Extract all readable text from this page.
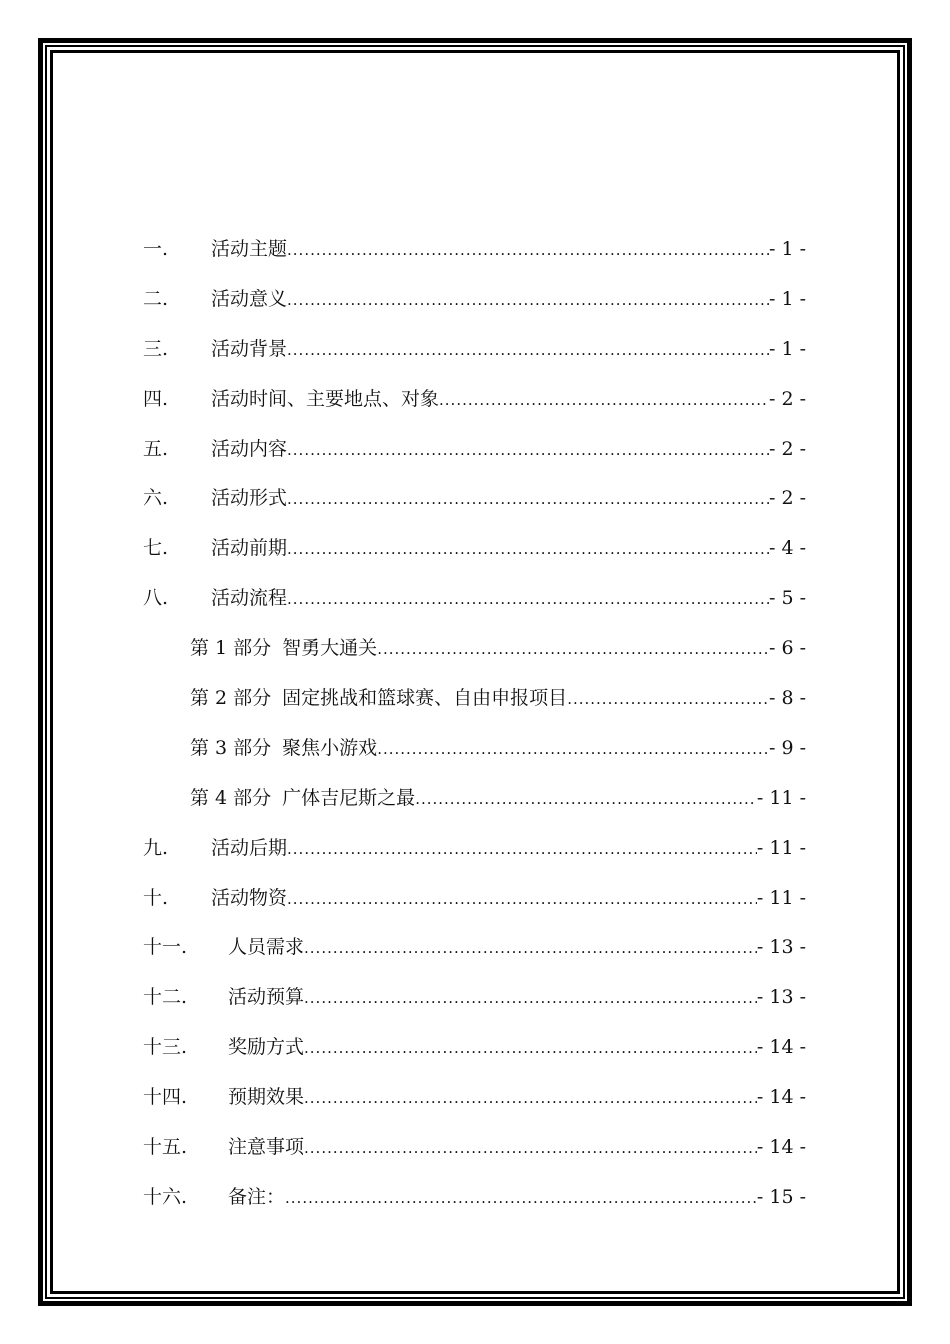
一.	活动主题 .....	- 1 -
二.	活动意义 .....	- 1 -
三.	活动背景 .....	- 1 -
四.	活动时间、主要地点、对象 .....	- 2 -
五.	活动内容 .....	- 2 -
六.	活动形式 .....	- 2 -
七.	活动前期 .....	- 4 -
八.	活动流程 .....	- 5 -
第 1 部分 智勇大通关 .....	- 6 -
第 2 部分 固定挑战和篮球赛、自由申报项目 .....	- 8 -
第 3 部分 聚焦小游戏 .....	- 9 -
第 4 部分 广体吉尼斯之最 .....	- 11 -
九.	活动后期 .....	- 11 -
十.	活动物资 .....	- 11 -
十一.	人员需求 .....	- 13 -
十二.	活动预算 .....	- 13 -
十三.	奖励方式 .....	- 14 -
十四.	预期效果 .....	- 14 -
十五.	注意事项 .....	- 14 -
十六.	备注： .....	- 15 -
